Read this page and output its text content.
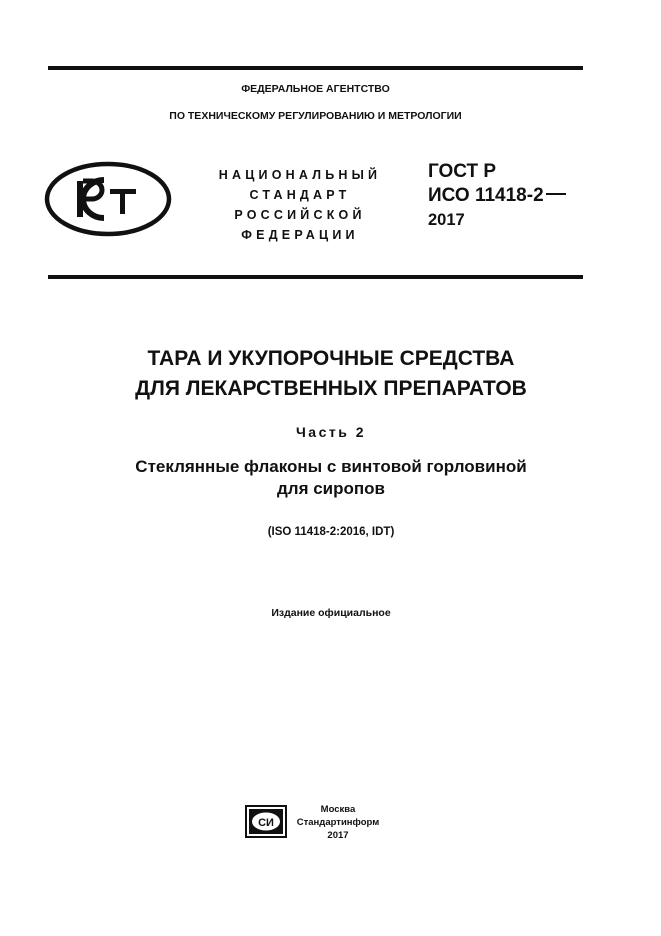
ФЕДЕРАЛЬНОЕ АГЕНТСТВО
ПО ТЕХНИЧЕСКОМУ РЕГУЛИРОВАНИЮ И МЕТРОЛОГИИ
НАЦИОНАЛЬНЫЙ
СТАНДАРТ
РОССИЙСКОЙ
ФЕДЕРАЦИИ
ГОСТ Р
ИСО 11418-2
2017
ТАРА И УКУПОРОЧНЫЕ СРЕДСТВА
ДЛЯ ЛЕКАРСТВЕННЫХ ПРЕПАРАТОВ
Часть 2
Стеклянные флаконы с винтовой горловиной
для сиропов
(ISO 11418-2:2016, IDT)
Издание официальное
СИ
Москва
Стандартинформ
2017
